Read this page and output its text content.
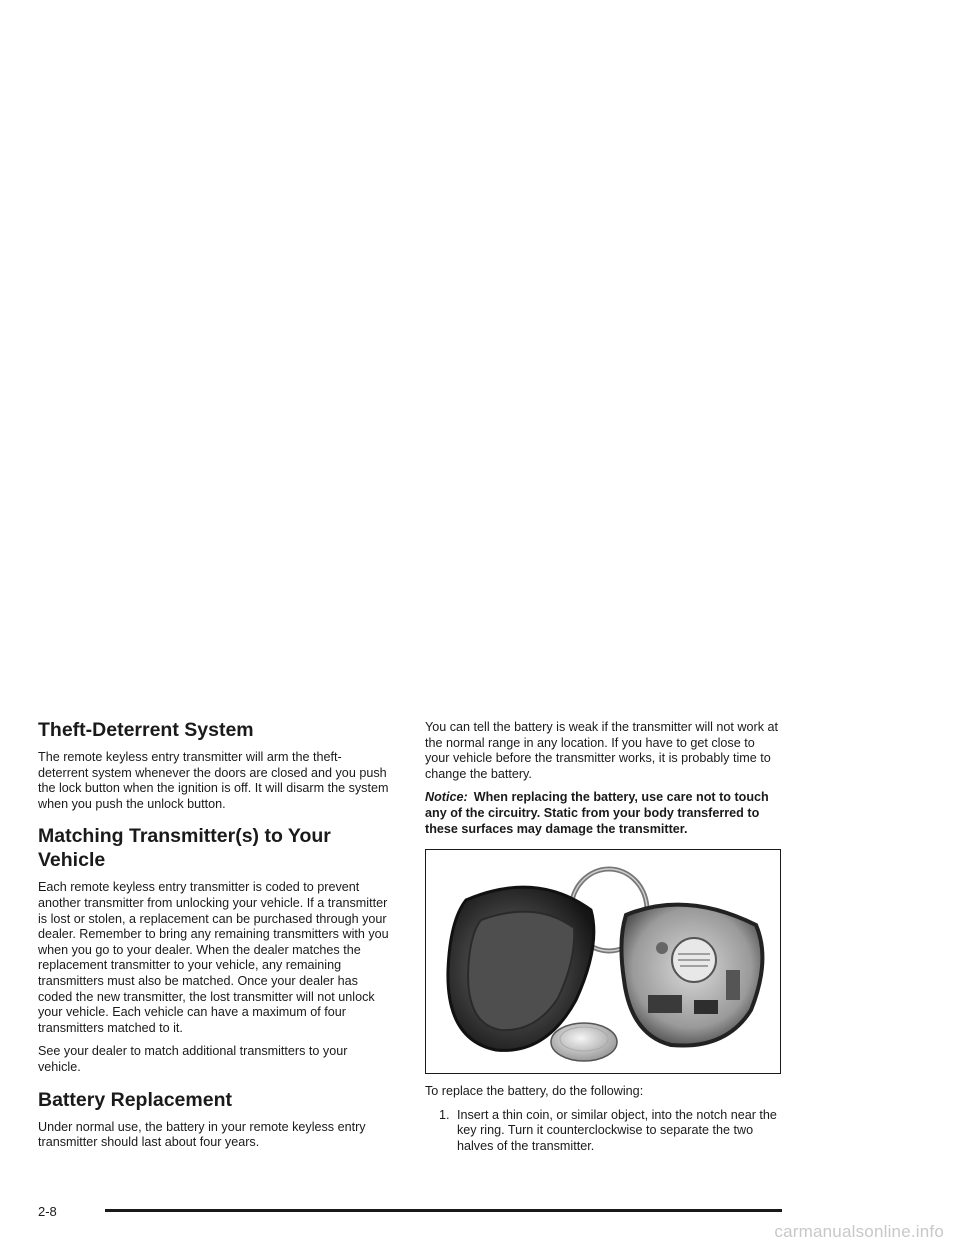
Theft-Deterrent System

The remote keyless entry transmitter will arm the theft-deterrent system whenever the doors are closed and you push the lock button when the ignition is off. It will disarm the system when you push the unlock button.

Matching Transmitter(s) to Your Vehicle

Each remote keyless entry transmitter is coded to prevent another transmitter from unlocking your vehicle. If a transmitter is lost or stolen, a replacement can be purchased through your dealer. Remember to bring any remaining transmitters with you when you go to your dealer. When the dealer matches the replacement transmitter to your vehicle, any remaining transmitters must also be matched. Once your dealer has coded the new transmitter, the lost transmitter will not unlock your vehicle. Each vehicle can have a maximum of four transmitters matched to it.

See your dealer to match additional transmitters to your vehicle.

Battery Replacement

Under normal use, the battery in your remote keyless entry transmitter should last about four years.

You can tell the battery is weak if the transmitter will not work at the normal range in any location. If you have to get close to your vehicle before the transmitter works, it is probably time to change the battery.

Notice: When replacing the battery, use care not to touch any of the circuitry. Static from your body transferred to these surfaces may damage the transmitter.

To replace the battery, do the following:

1. Insert a thin coin, or similar object, into the notch near the key ring. Turn it counterclockwise to separate the two halves of the transmitter.
2-8
carmanualsonline.info
